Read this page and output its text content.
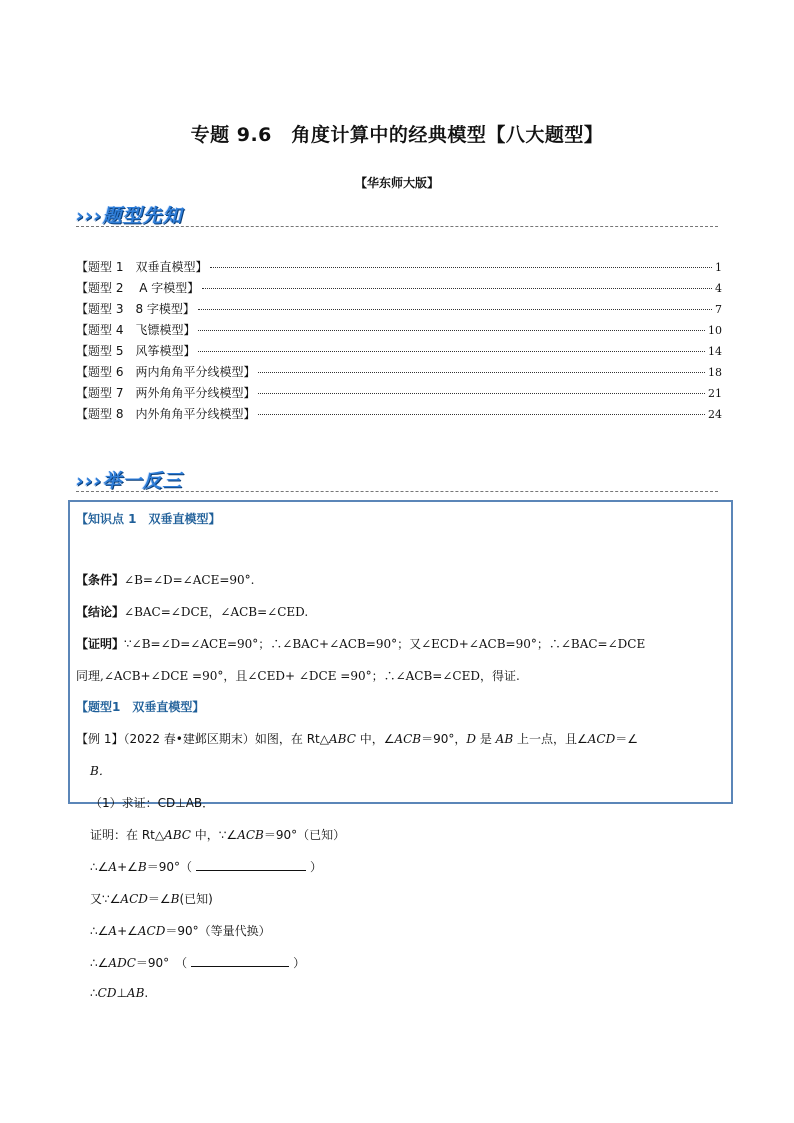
专题 9.6　角度计算中的经典模型【八大题型】
【华东师大版】
›››题型先知
【题型 1　双垂直模型】	1
【题型 2　 A 字模型】	4
【题型 3　8 字模型】	7
【题型 4　飞镖模型】	10
【题型 5　风筝模型】	14
【题型 6　两内角角平分线模型】	18
【题型 7　两外角角平分线模型】	21
【题型 8　内外角角平分线模型】	24
›››举一反三
【知识点 1　双垂直模型】
【条件】∠B=∠D=∠ACE=90°.
【结论】∠BAC=∠DCE，∠ACB=∠CED.
【证明】∵∠B=∠D=∠ACE=90°；∴∠BAC+∠ACB=90°；又∠ECD+∠ACB=90°；∴∠BAC=∠DCE
同理,∠ACB+∠DCE =90°，且∠CED+ ∠DCE =90°；∴∠ACB=∠CED，得证.
【题型1　双垂直模型】
【例 1】（2022 春•建邺区期末）如图，在 Rt△ABC 中，∠ACB＝90°，D 是 AB 上一点，且∠ACD＝∠
B．
（1）求证：CD⊥AB．
证明：在 Rt△ABC 中，∵∠ACB＝90°（已知）
∴∠A+∠B＝90°（	）
又∵∠ACD＝∠B(已知)
∴∠A+∠ACD＝90°（等量代换）
∴∠ADC＝90°　（	）
∴CD⊥AB.
